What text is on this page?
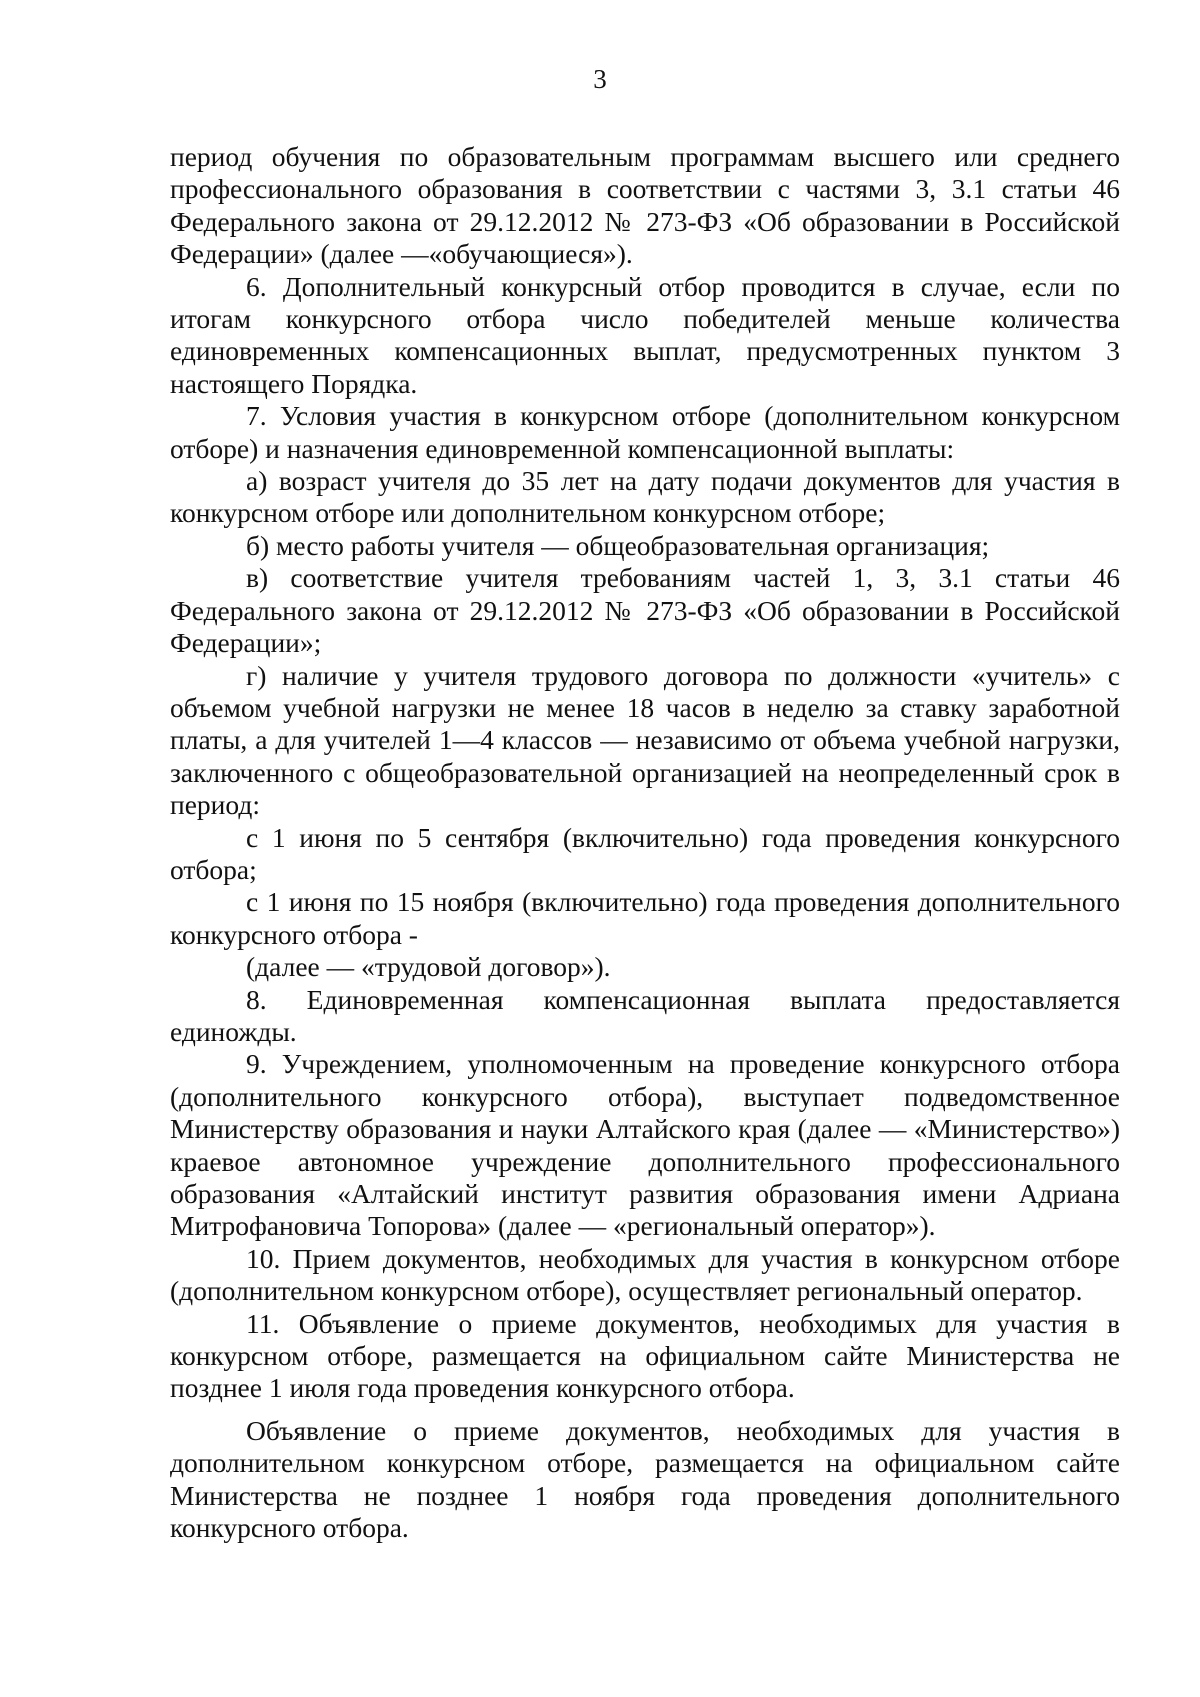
3

период обучения по образовательным программам высшего или среднего профессионального образования в соответствии с частями 3, 3.1 статьи 46 Федерального закона от 29.12.2012 № 273-ФЗ «Об образовании в Российской Федерации» (далее —«обучающиеся»).

6. Дополнительный конкурсный отбор проводится в случае, если по итогам конкурсного отбора число победителей меньше количества единовременных компенсационных выплат, предусмотренных пунктом 3 настоящего Порядка.

7. Условия участия в конкурсном отборе (дополнительном конкурсном отборе) и назначения единовременной компенсационной выплаты:

а) возраст учителя до 35 лет на дату подачи документов для участия в конкурсном отборе или дополнительном конкурсном отборе;

б) место работы учителя — общеобразовательная организация;

в) соответствие учителя требованиям частей 1, 3, 3.1 статьи 46 Федерального закона от 29.12.2012 № 273-ФЗ «Об образовании в Российской Федерации»;

г) наличие у учителя трудового договора по должности «учитель» с объемом учебной нагрузки не менее 18 часов в неделю за ставку заработной платы, а для учителей 1—4 классов — независимо от объема учебной нагрузки, заключенного с общеобразовательной организацией на неопределенный срок в период:

с 1 июня по 5 сентября (включительно) года проведения конкурсного отбора;

с 1 июня по 15 ноября (включительно) года проведения дополнительного конкурсного отбора -

(далее — «трудовой договор»).

8. Единовременная компенсационная выплата предоставляется единожды.

9. Учреждением, уполномоченным на проведение конкурсного отбора (дополнительного конкурсного отбора), выступает подведомственное Министерству образования и науки Алтайского края (далее — «Министерство») краевое автономное учреждение дополнительного профессионального образования «Алтайский институт развития образования имени Адриана Митрофановича Топорова» (далее — «региональный оператор»).

10. Прием документов, необходимых для участия в конкурсном отборе (дополнительном конкурсном отборе), осуществляет региональный оператор.

11. Объявление о приеме документов, необходимых для участия в конкурсном отборе, размещается на официальном сайте Министерства не позднее 1 июля года проведения конкурсного отбора.

Объявление о приеме документов, необходимых для участия в дополнительном конкурсном отборе, размещается на официальном сайте Министерства не позднее 1 ноября года проведения дополнительного конкурсного отбора.
